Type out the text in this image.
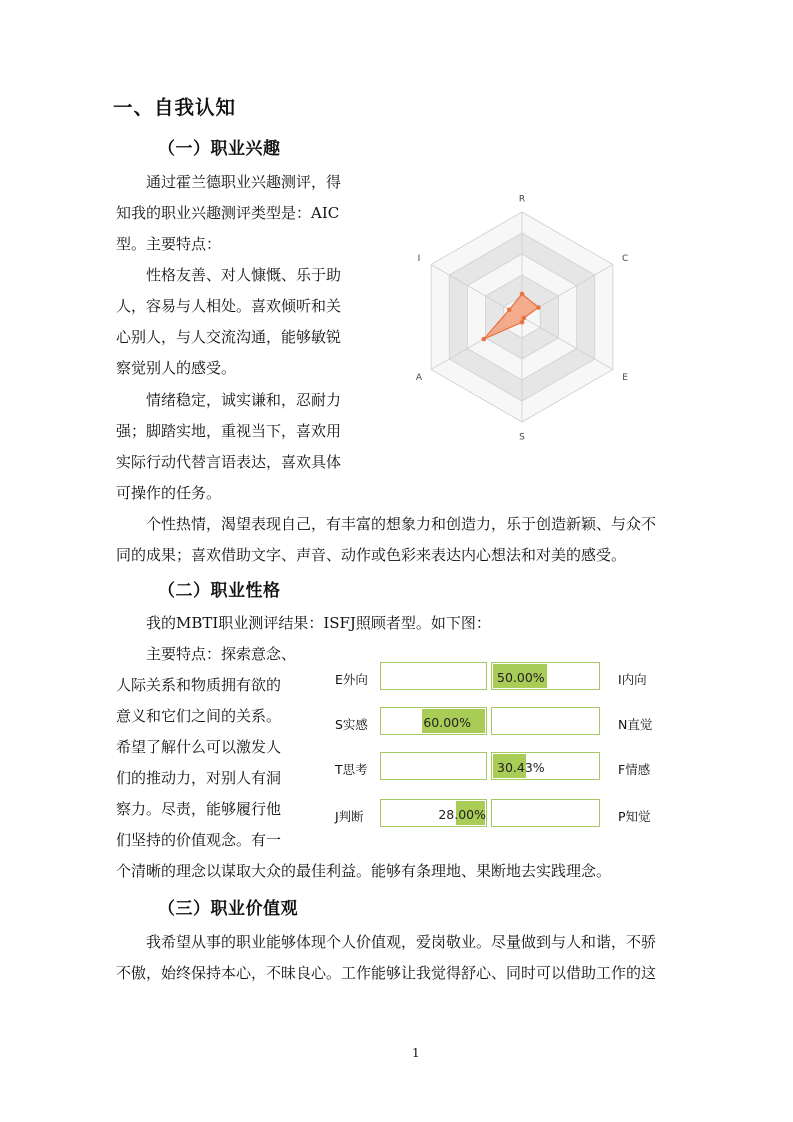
一、自我认知
（一）职业兴趣
通过霍兰德职业兴趣测评，得
知我的职业兴趣测评类型是：AIC
型。主要特点：
性格友善、对人慷慨、乐于助
人，容易与人相处。喜欢倾听和关
心别人，与人交流沟通，能够敏锐
察觉别人的感受。
情绪稳定，诚实谦和，忍耐力
强；脚踏实地，重视当下，喜欢用
实际行动代替言语表达，喜欢具体
可操作的任务。
个性热情，渴望表现自己，有丰富的想象力和创造力，乐于创造新颖、与众不
同的成果；喜欢借助文字、声音、动作或色彩来表达内心想法和对美的感受。
R
C
E
S
A
I
（二）职业性格
我的MBTI职业测评结果：ISFJ照顾者型。如下图：
主要特点：探索意念、
人际关系和物质拥有欲的
意义和它们之间的关系。
希望了解什么可以激发人
们的推动力，对别人有洞
察力。尽责，能够履行他
们坚持的价值观念。有一
个清晰的理念以谋取大众的最佳利益。能够有条理地、果断地去实践理念。
E外向	50.00%	I内向
S实感	60.00%	N直觉
T思考	30.43%	F情感
J判断	28.00%	P知觉
（三）职业价值观
我希望从事的职业能够体现个人价值观，爱岗敬业。尽量做到与人和谐，不骄
不傲，始终保持本心，不昧良心。工作能够让我觉得舒心、同时可以借助工作的这
1
